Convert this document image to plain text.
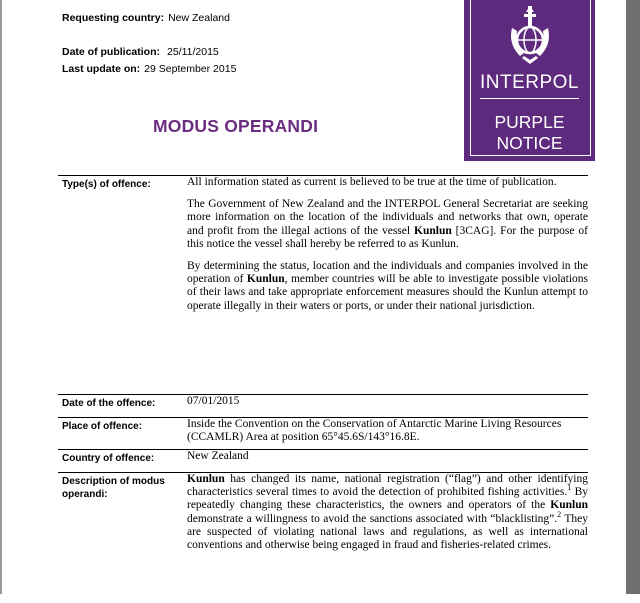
Requesting country: New Zealand
Date of publication: 25/11/2015
Last update on: 29 September 2015
MODUS OPERANDI
INTERPOL
PURPLE
NOTICE
Type(s) of offence:	All information stated as current is believed to be true at the time of publication.

The Government of New Zealand and the INTERPOL General Secretariat are seeking more information on the location of the individuals and networks that own, operate and profit from the illegal actions of the vessel Kunlun [3CAG]. For the purpose of this notice the vessel shall hereby be referred to as Kunlun.

By determining the status, location and the individuals and companies involved in the operation of Kunlun, member countries will be able to investigate possible violations of their laws and take appropriate enforcement measures should the Kunlun attempt to operate illegally in their waters or ports, or under their national jurisdiction.

Date of the offence:	07/01/2015
Place of offence:	Inside the Convention on the Conservation of Antarctic Marine Living Resources (CCAMLR) Area at position 65°45.6S/143°16.8E.
Country of offence:	New Zealand
Description of modus operandi:
Kunlun has changed its name, national registration (“flag”) and other identifying characteristics several times to avoid the detection of prohibited fishing activities.$^1$ By repeatedly changing these characteristics, the owners and operators of the Kunlun demonstrate a willingness to avoid the sanctions associated with “blacklisting”.$^2$ They are suspected of violating national laws and regulations, as well as international conventions and otherwise being engaged in fraud and fisheries-related crimes.
